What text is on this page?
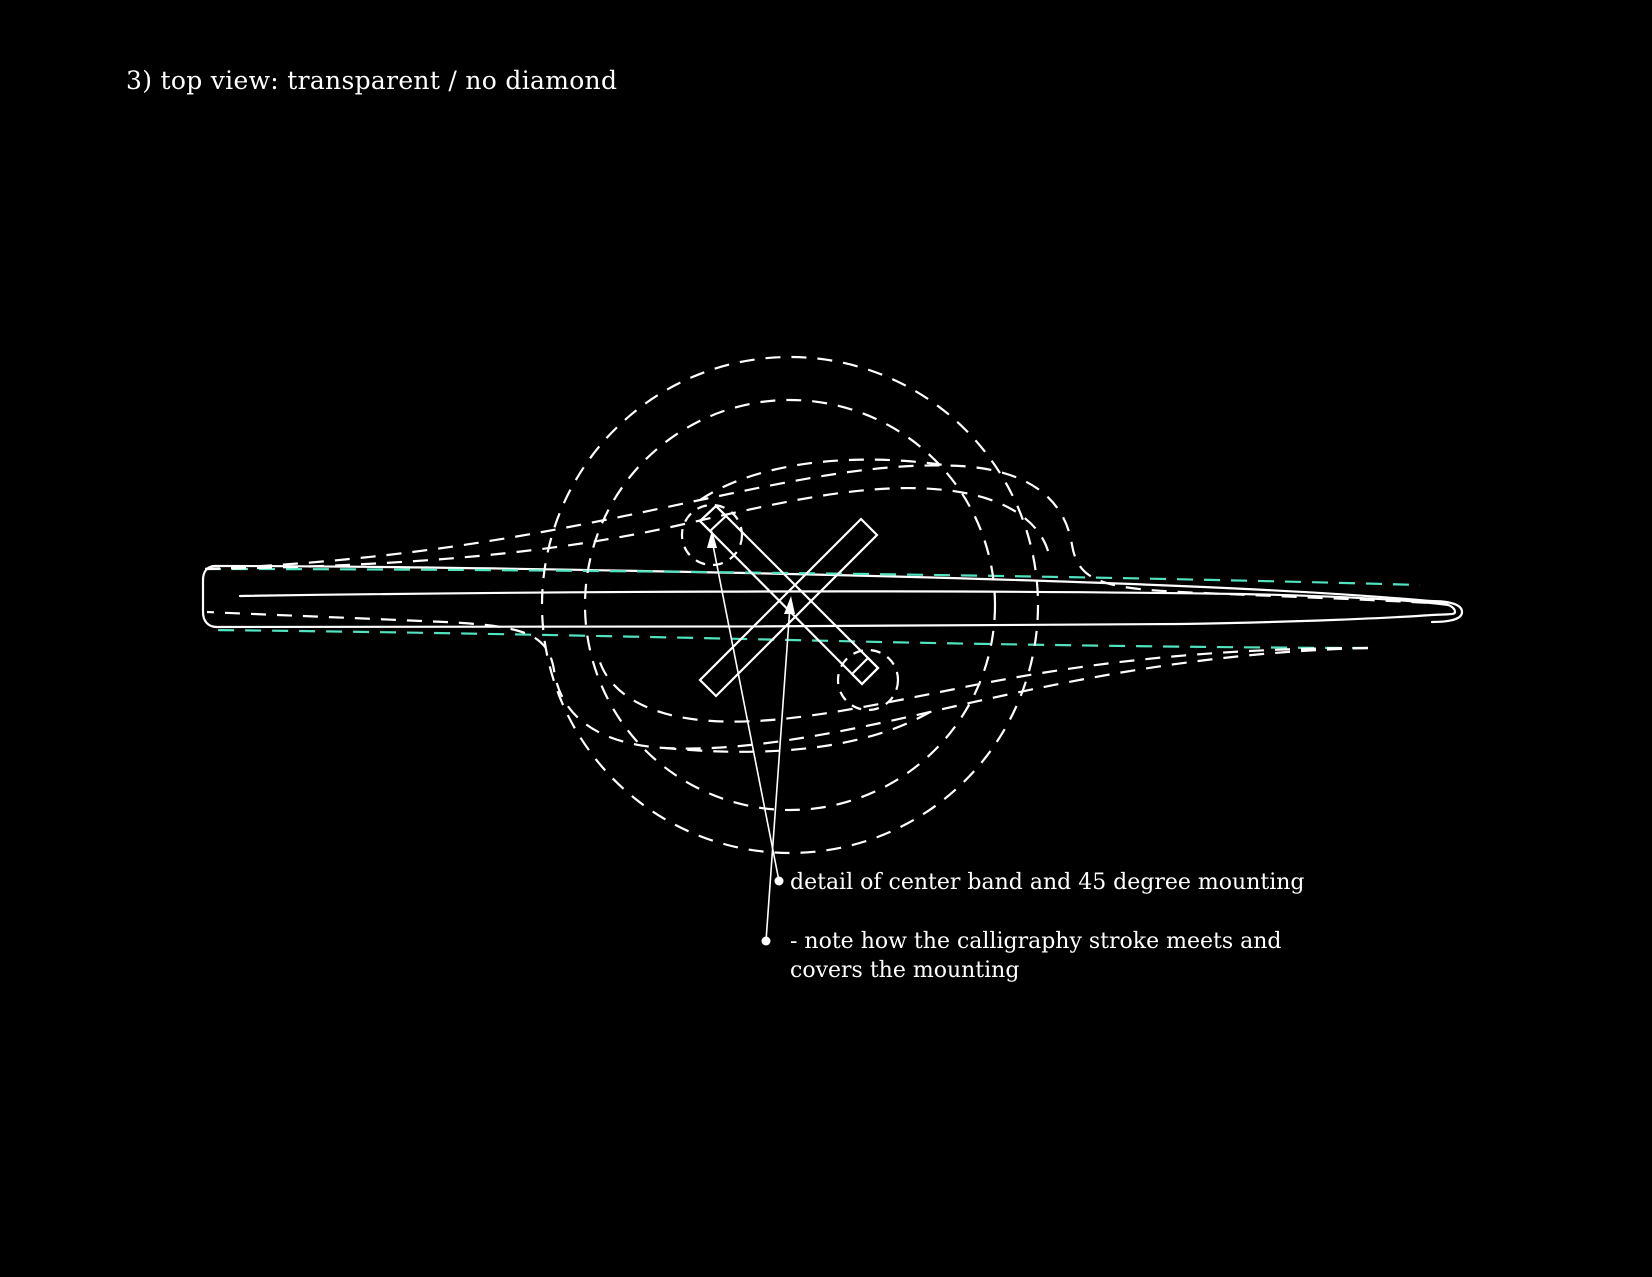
3) top view: transparent / no diamond
detail of center band and 45 degree mounting
- note how the calligraphy stroke meets and covers the mounting
